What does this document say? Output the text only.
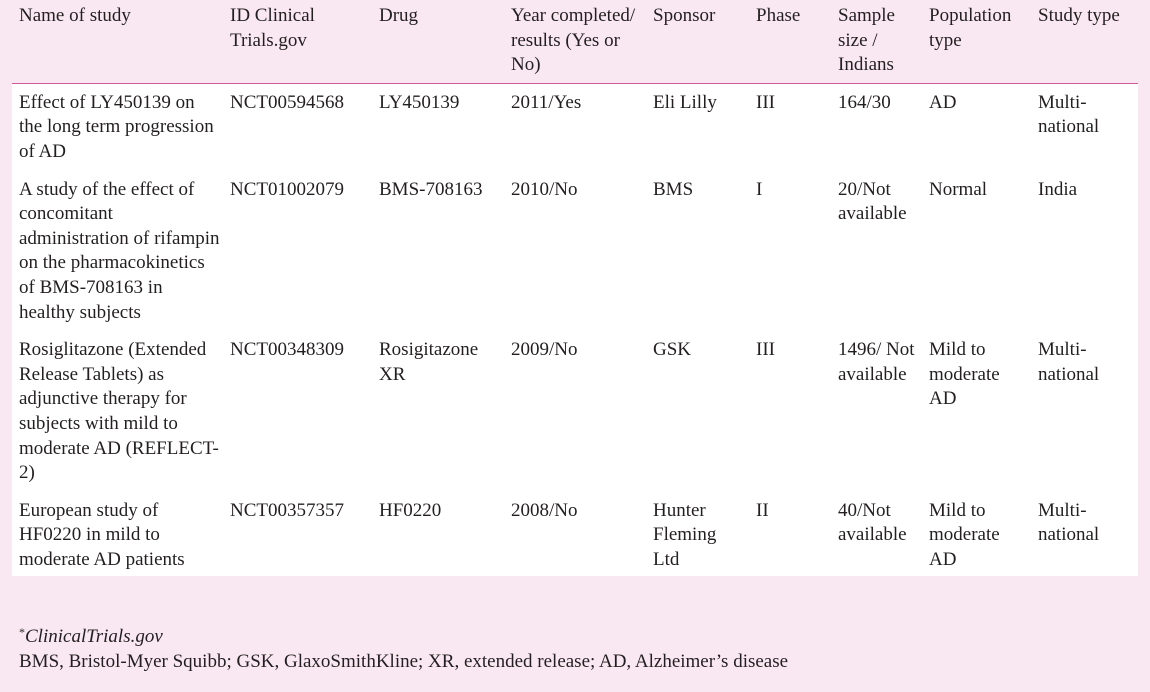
Name of study	ID Clinical Trials.gov	Drug	Year completed/ results (Yes or No)	Sponsor	Phase	Sample size / Indians	Population type	Study type
Effect of LY450139 on the long term progression of AD	NCT00594568	LY450139	2011/Yes	Eli Lilly	III	164/30	AD	Multi-national
A study of the effect of concomitant administration of rifampin on the pharmacokinetics of BMS-708163 in healthy subjects	NCT01002079	BMS-708163	2010/No	BMS	I	20/Not available	Normal	India
Rosiglitazone (Extended Release Tablets) as adjunctive therapy for subjects with mild to moderate AD (REFLECT-2)	NCT00348309	Rosigitazone XR	2009/No	GSK	III	1496/ Not available	Mild to moderate AD	Multi-national
European study of HF0220 in mild to moderate AD patients	NCT00357357	HF0220	2008/No	Hunter Fleming Ltd	II	40/Not available	Mild to moderate AD	Multi-national
*ClinicalTrials.gov
BMS, Bristol-Myer Squibb; GSK, GlaxoSmithKline; XR, extended release; AD, Alzheimer’s disease
